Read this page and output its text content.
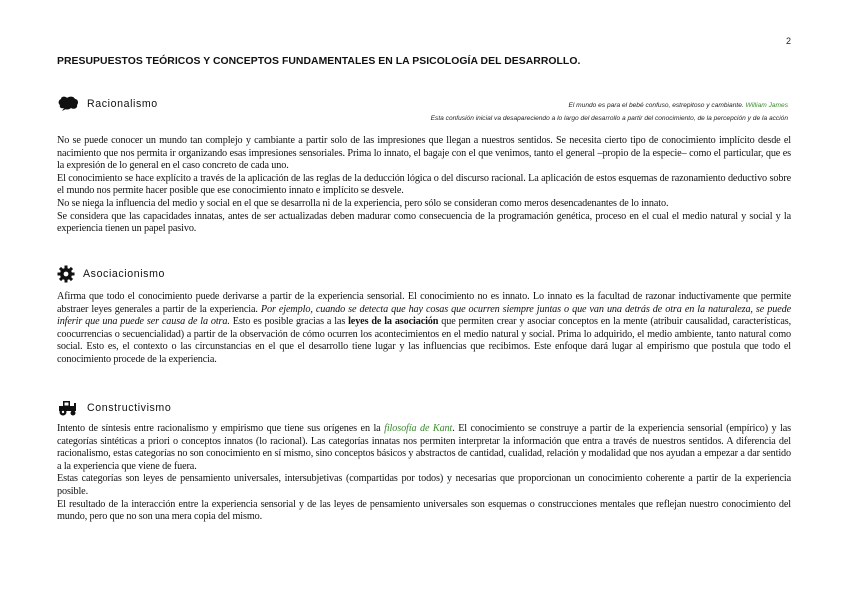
2
PRESUPUESTOS TEÓRICOS Y CONCEPTOS FUNDAMENTALES EN LA PSICOLOGÍA DEL DESARROLLO.
Racionalismo	El mundo es para el bebé confuso, estrepitoso y cambiante. William James
Esta confusión inicial va desapareciendo a lo largo del desarrollo a partir del conocimiento, de la percepción y de la acción

No se puede conocer un mundo tan complejo y cambiante a partir solo de las impresiones que llegan a nuestros sentidos. Se necesita cierto tipo de conocimiento implícito desde el nacimiento que nos permita ir organizando esas impresiones sensoriales. Prima lo innato, el bagaje con el que venimos, tanto el general –propio de la especie– como el particular, que es la expresión de lo general en el caso concreto de cada uno.

El conocimiento se hace explícito a través de la aplicación de las reglas de la deducción lógica o del discurso racional. La aplicación de estos esquemas de razonamiento deductivo sobre el mundo nos permite hacer posible que ese conocimiento innato e implícito se desvele.

No se niega la influencia del medio y social en el que se desarrolla ni de la experiencia, pero sólo se consideran como meros desencadenantes de lo innato.

Se considera que las capacidades innatas, antes de ser actualizadas deben madurar como consecuencia de la programación genética, proceso en el cual el medio natural y social y la experiencia tienen un papel pasivo.

Asociacionismo

Afirma que todo el conocimiento puede derivarse a partir de la experiencia sensorial. El conocimiento no es innato. Lo innato es la facultad de razonar inductivamente que permite abstraer leyes generales a partir de la experiencia. Por ejemplo, cuando se detecta que hay cosas que ocurren siempre juntas o que van una detrás de otra en la naturaleza, se puede inferir que una puede ser causa de la otra. Esto es posible gracias a las leyes de la asociación que permiten crear y asociar conceptos en la mente (atribuir causalidad, características, coocurrencias o secuencialidad) a partir de la observación de cómo ocurren los acontecimientos en el medio natural y social. Prima lo adquirido, el medio ambiente, tanto natural como social. Esto es, el contexto o las circunstancias en el que el desarrollo tiene lugar y las influencias que recibimos. Este enfoque dará lugar al empirismo que postula que todo el conocimiento procede de la experiencia.

Constructivismo

Intento de síntesis entre racionalismo y empirismo que tiene sus orígenes en la filosofía de Kant. El conocimiento se construye a partir de la experiencia sensorial (empírico) y las categorías sintéticas a priori o conceptos innatos (lo racional). Las categorías innatas nos permiten interpretar la información que entra a través de nuestros sentidos. A diferencia del racionalismo, estas categorías no son conocimiento en sí mismo, sino conceptos básicos y abstractos de cantidad, cualidad, relación y modalidad que nos ayudan a empezar a dar sentido a la experiencia que viene de fuera.

Estas categorías son leyes de pensamiento universales, intersubjetivas (compartidas por todos) y necesarias que proporcionan un conocimiento coherente a partir de la experiencia posible.

El resultado de la interacción entre la experiencia sensorial y de las leyes de pensamiento universales son esquemas o construcciones mentales que reflejan nuestro conocimiento del mundo, pero que no son una mera copia del mismo.
